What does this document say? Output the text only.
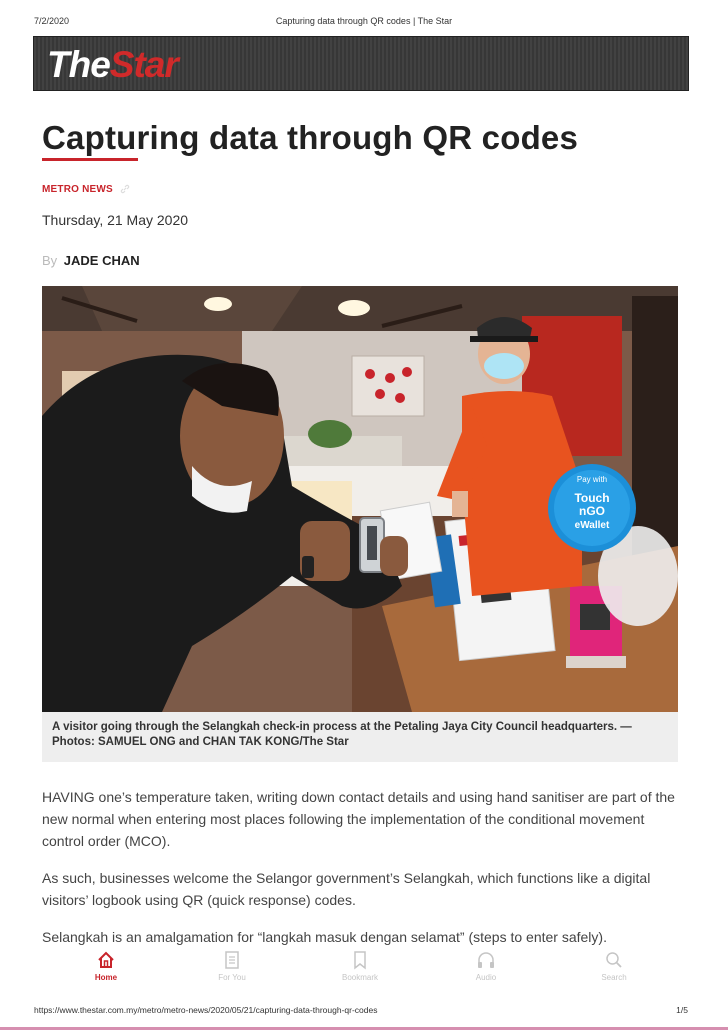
7/2/2020	Capturing data through QR codes | The Star
TheStar
Capturing data through QR codes
METRO NEWS
Thursday, 21 May 2020
By JADE CHAN
Pay with
Touch
nGO
eWallet
A visitor going through the Selangkah check-in process at the Petaling Jaya City Council headquarters. — Photos: SAMUEL ONG and CHAN TAK KONG/The Star

HAVING one’s temperature taken, writing down contact details and using hand sanitiser are part of the new normal when entering most places following the implementation of the conditional movement control order (MCO).

As such, businesses welcome the Selangor government’s Selangkah, which functions like a digital visitors’ logbook using QR (quick response) codes.

Selangkah is an amalgamation for “langkah masuk dengan selamat” (steps to enter safely).

Home	For You	Bookmark	Audio	Search
https://www.thestar.com.my/metro/metro-news/2020/05/21/capturing-data-through-qr-codes	1/5
